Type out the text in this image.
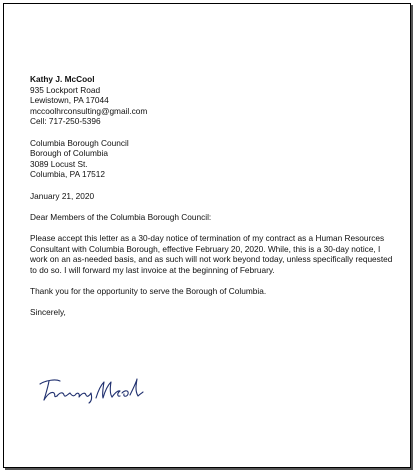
Kathy J. McCool
935 Lockport Road
Lewistown, PA 17044
mccoolhrconsulting@gmail.com
Cell: 717-250-5396
Columbia Borough Council
Borough of Columbia
3089 Locust St.
Columbia, PA 17512
January 21, 2020
Dear Members of the Columbia Borough Council:

Please accept this letter as a 30-day notice of termination of my contract as a Human Resources Consultant with Columbia Borough, effective February 20, 2020. While, this is a 30-day notice, I work on an as-needed basis, and as such will not work beyond today, unless specifically requested to do so. I will forward my last invoice at the beginning of February.

Thank you for the opportunity to serve the Borough of Columbia.

Sincerely,
